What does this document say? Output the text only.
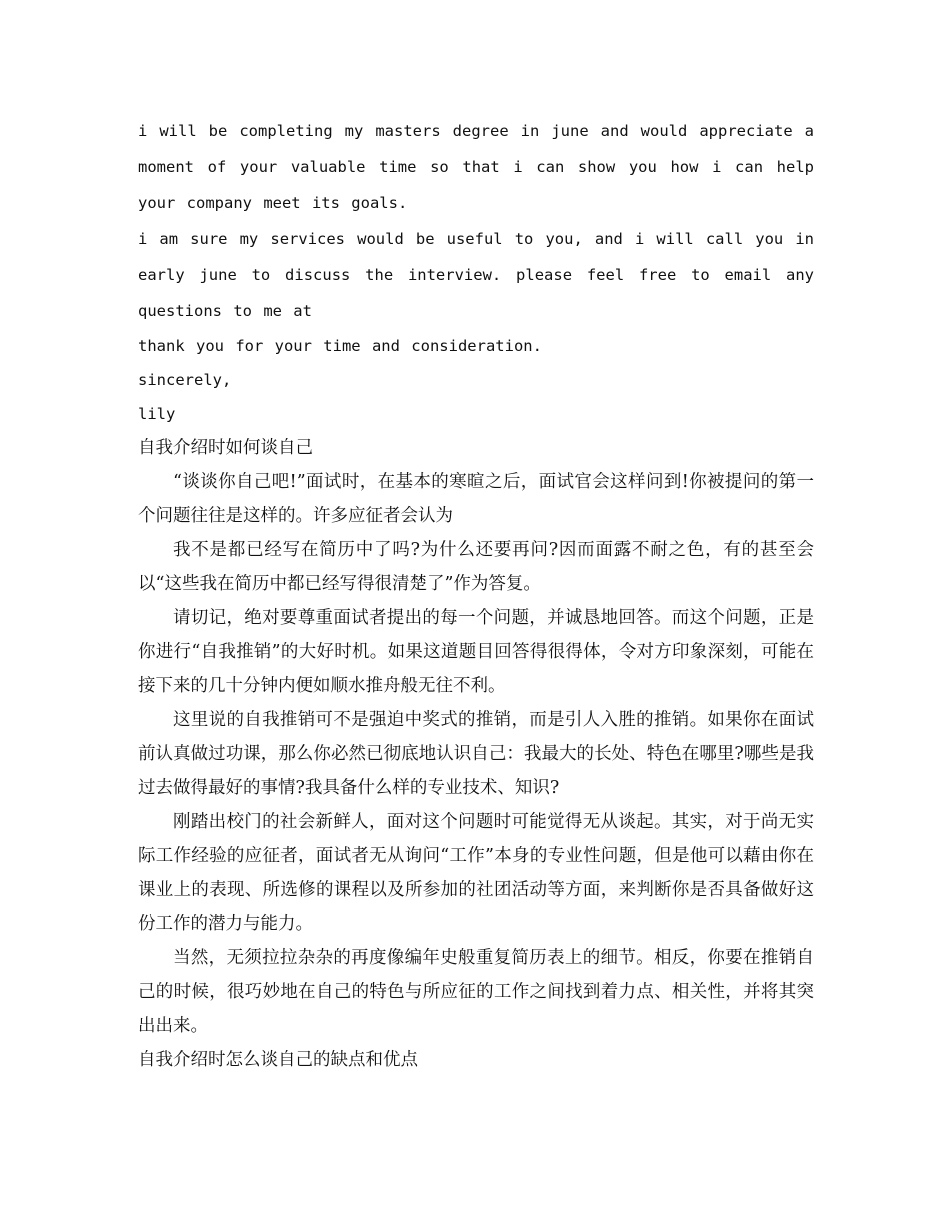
i will be completing my masters degree in june and would appreciate a moment of your valuable time so that i can show you how i can help your company meet its goals.

i am sure my services would be useful to you, and i will call you in early june to discuss the interview. please feel free to email any questions to me at

thank you for your time and consideration.

sincerely,

lily

自我介绍时如何谈自己

“谈谈你自己吧!”面试时，在基本的寒暄之后，面试官会这样问到!你被提问的第一个问题往往是这样的。许多应征者会认为

我不是都已经写在简历中了吗?为什么还要再问?因而面露不耐之色，有的甚至会以“这些我在简历中都已经写得很清楚了”作为答复。

请切记，绝对要尊重面试者提出的每一个问题，并诚恳地回答。而这个问题，正是你进行“自我推销”的大好时机。如果这道题目回答得很得体，令对方印象深刻，可能在接下来的几十分钟内便如顺水推舟般无往不利。

这里说的自我推销可不是强迫中奖式的推销，而是引人入胜的推销。如果你在面试前认真做过功课，那么你必然已彻底地认识自己：我最大的长处、特色在哪里?哪些是我过去做得最好的事情?我具备什么样的专业技术、知识?

刚踏出校门的社会新鲜人，面对这个问题时可能觉得无从谈起。其实，对于尚无实际工作经验的应征者，面试者无从询问“工作”本身的专业性问题，但是他可以藉由你在课业上的表现、所选修的课程以及所参加的社团活动等方面，来判断你是否具备做好这份工作的潜力与能力。

当然，无须拉拉杂杂的再度像编年史般重复简历表上的细节。相反，你要在推销自己的时候，很巧妙地在自己的特色与所应征的工作之间找到着力点、相关性，并将其突出出来。

自我介绍时怎么谈自己的缺点和优点
